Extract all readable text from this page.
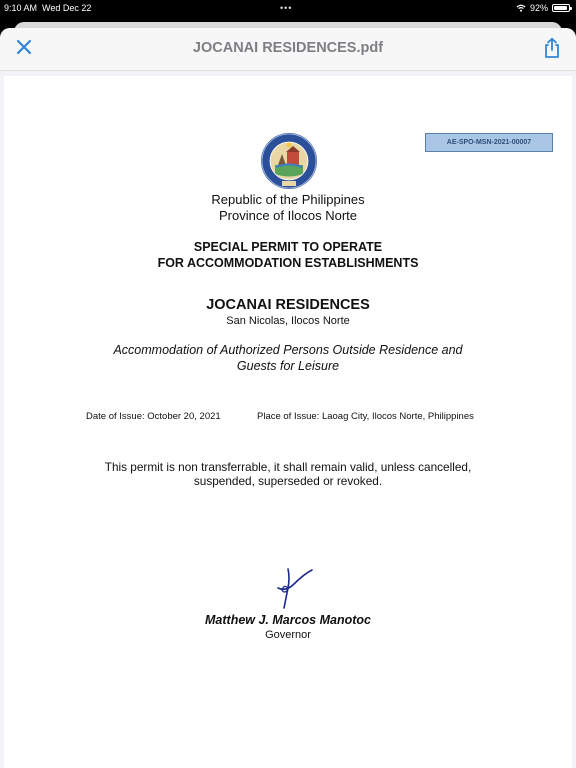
9:10 AM Wed Dec 22	•••	92%
JOCANAI RESIDENCES.pdf
AE-SPO-MSN-2021-00007
Republic of the Philippines
Province of Ilocos Norte
SPECIAL PERMIT TO OPERATE
FOR ACCOMMODATION ESTABLISHMENTS
JOCANAI RESIDENCES
San Nicolas, Ilocos Norte
Accommodation of Authorized Persons Outside Residence and
Guests for Leisure
Date of Issue: October 20, 2021	Place of Issue: Laoag City, Ilocos Norte, Philippines
This permit is non transferrable, it shall remain valid, unless cancelled,
suspended, superseded or revoked.
Matthew J. Marcos Manotoc
Governor
